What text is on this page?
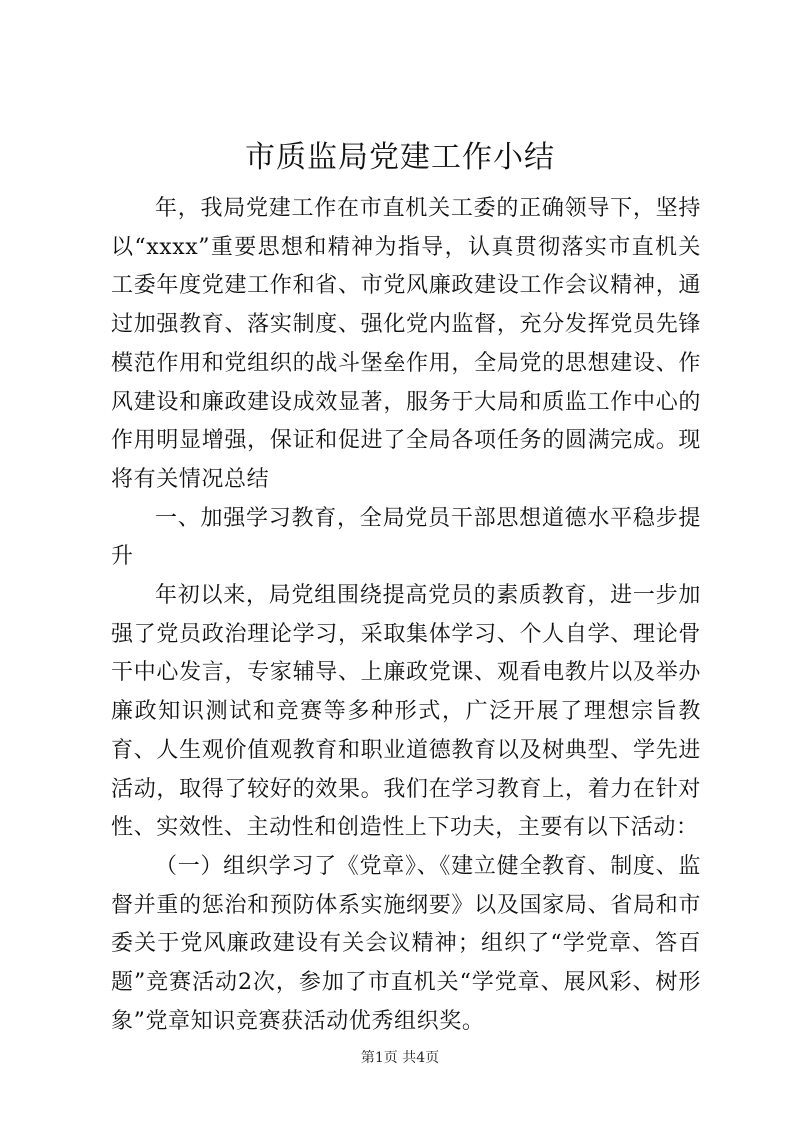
市质监局党建工作小结

年，我局党建工作在市直机关工委的正确领导下，坚持以“xxxx”重要思想和精神为指导，认真贯彻落实市直机关工委年度党建工作和省、市党风廉政建设工作会议精神，通过加强教育、落实制度、强化党内监督，充分发挥党员先锋模范作用和党组织的战斗堡垒作用，全局党的思想建设、作风建设和廉政建设成效显著，服务于大局和质监工作中心的作用明显增强，保证和促进了全局各项任务的圆满完成。现将有关情况总结

一、加强学习教育，全局党员干部思想道德水平稳步提升

年初以来，局党组围绕提高党员的素质教育，进一步加强了党员政治理论学习，采取集体学习、个人自学、理论骨干中心发言，专家辅导、上廉政党课、观看电教片以及举办廉政知识测试和竞赛等多种形式，广泛开展了理想宗旨教育、人生观价值观教育和职业道德教育以及树典型、学先进活动，取得了较好的效果。我们在学习教育上，着力在针对性、实效性、主动性和创造性上下功夫，主要有以下活动：

（一）组织学习了《党章》、《建立健全教育、制度、监督并重的惩治和预防体系实施纲要》以及国家局、省局和市委关于党风廉政建设有关会议精神；组织了“学党章、答百题”竞赛活动2次，参加了市直机关“学党章、展风彩、树形象”党章知识竞赛获活动优秀组织奖。

第1页 共4页
